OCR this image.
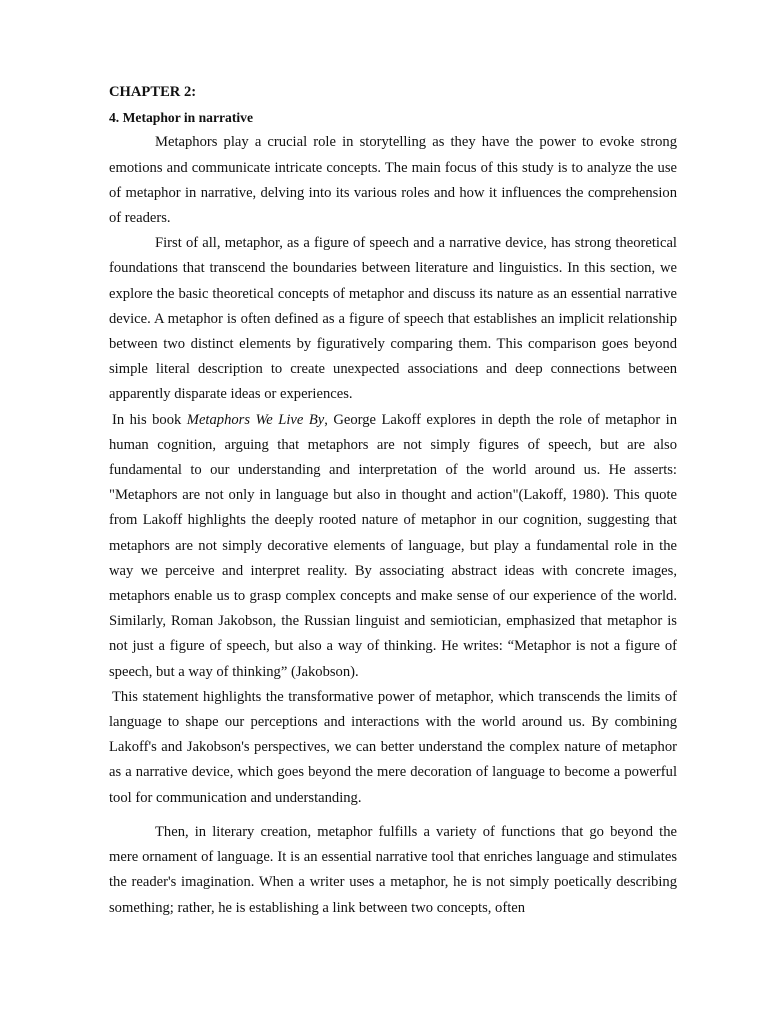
CHAPTER 2:
4. Metaphor in narrative

Metaphors play a crucial role in storytelling as they have the power to evoke strong emotions and communicate intricate concepts. The main focus of this study is to analyze the use of metaphor in narrative, delving into its various roles and how it influences the comprehension of readers.

First of all, metaphor, as a figure of speech and a narrative device, has strong theoretical foundations that transcend the boundaries between literature and linguistics. In this section, we explore the basic theoretical concepts of metaphor and discuss its nature as an essential narrative device. A metaphor is often defined as a figure of speech that establishes an implicit relationship between two distinct elements by figuratively comparing them. This comparison goes beyond simple literal description to create unexpected associations and deep connections between apparently disparate ideas or experiences.

In his book Metaphors We Live By, George Lakoff explores in depth the role of metaphor in human cognition, arguing that metaphors are not simply figures of speech, but are also fundamental to our understanding and interpretation of the world around us. He asserts: "Metaphors are not only in language but also in thought and action"(Lakoff, 1980). This quote from Lakoff highlights the deeply rooted nature of metaphor in our cognition, suggesting that metaphors are not simply decorative elements of language, but play a fundamental role in the way we perceive and interpret reality. By associating abstract ideas with concrete images, metaphors enable us to grasp complex concepts and make sense of our experience of the world. Similarly, Roman Jakobson, the Russian linguist and semiotician, emphasized that metaphor is not just a figure of speech, but also a way of thinking. He writes: “Metaphor is not a figure of speech, but a way of thinking” (Jakobson).

This statement highlights the transformative power of metaphor, which transcends the limits of language to shape our perceptions and interactions with the world around us. By combining Lakoff's and Jakobson's perspectives, we can better understand the complex nature of metaphor as a narrative device, which goes beyond the mere decoration of language to become a powerful tool for communication and understanding.

Then, in literary creation, metaphor fulfills a variety of functions that go beyond the mere ornament of language. It is an essential narrative tool that enriches language and stimulates the reader's imagination. When a writer uses a metaphor, he is not simply poetically describing something; rather, he is establishing a link between two concepts, often
